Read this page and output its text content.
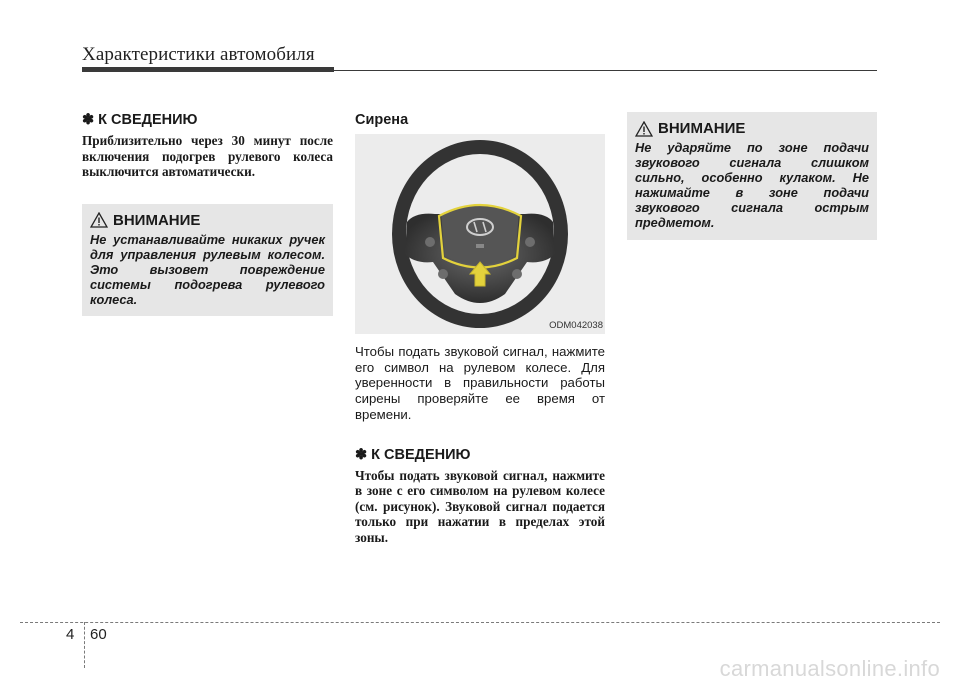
Характеристики автомобиля
✽ К СВЕДЕНИЮ

Приблизительно через 30 минут после включения подогрев рулевого колеса выключится автоматически.

ВНИМАНИЕ

Не устанавливайте никаких ручек для управления рулевым колесом. Это вызовет повреждение системы подогрева рулевого колеса.

Сирена
ODM042038

Чтобы подать звуковой сигнал, нажмите его символ на рулевом колесе. Для уверенности в правильности работы сирены проверяйте ее время от времени.

✽ К СВЕДЕНИЮ

Чтобы подать звуковой сигнал, нажмите в зоне с его символом на рулевом колесе (см. рисунок). Звуковой сигнал подается только при нажатии в пределах этой зоны.

ВНИМАНИЕ

Не ударяйте по зоне подачи звукового сигнала слишком сильно, особенно кулаком. Не нажимайте в зоне подачи звукового сигнала острым предметом.

4 60
carmanualsonline.info
